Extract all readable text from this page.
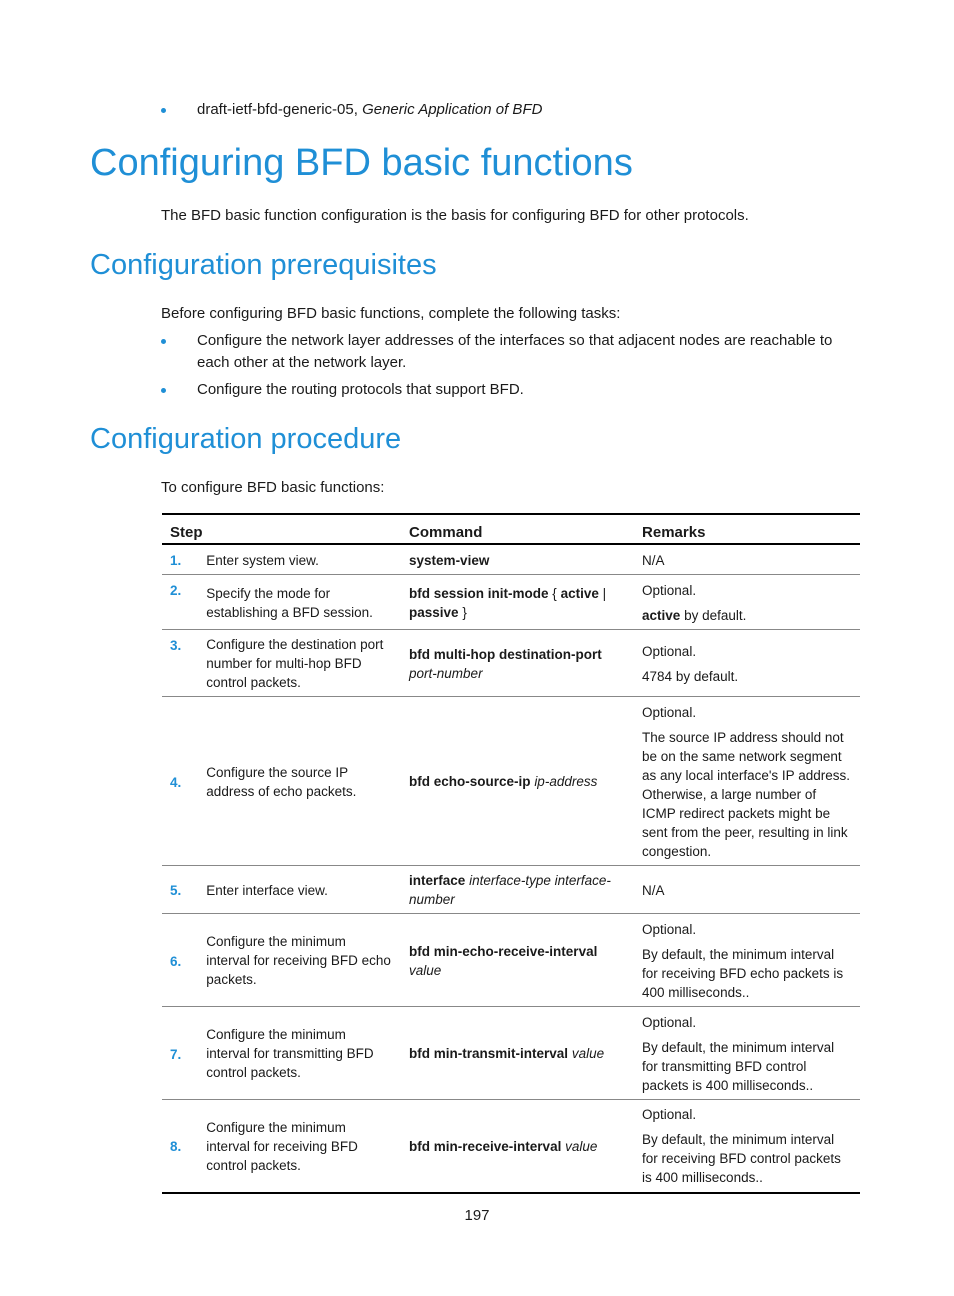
draft-ietf-bfd-generic-05, Generic Application of BFD
Configuring BFD basic functions
The BFD basic function configuration is the basis for configuring BFD for other protocols.
Configuration prerequisites
Before configuring BFD basic functions, complete the following tasks:
Configure the network layer addresses of the interfaces so that adjacent nodes are reachable to each other at the network layer.
Configure the routing protocols that support BFD.
Configuration procedure
To configure BFD basic functions:
Step		Command	Remarks
1.	Enter system view.	system-view	N/A

2.	Specify the mode for establishing a BFD session.	bfd session init-mode { active | passive }	Optional.
active by default.

3.	Configure the destination port number for multi-hop BFD control packets.	bfd multi-hop destination-port port-number	Optional.
4784 by default.

4.	Configure the source IP address of echo packets.	bfd echo-source-ip ip-address	Optional.
The source IP address should not be on the same network segment as any local interface's IP address. Otherwise, a large number of ICMP redirect packets might be sent from the peer, resulting in link congestion.

5.	Enter interface view.	interface interface-type interface-number	N/A

6.	Configure the minimum interval for receiving BFD echo packets.	bfd min-echo-receive-interval value	Optional.
By default, the minimum interval for receiving BFD echo packets is 400 milliseconds..

7.	Configure the minimum interval for transmitting BFD control packets.	bfd min-transmit-interval value	Optional.
By default, the minimum interval for transmitting BFD control packets is 400 milliseconds..

8.	Configure the minimum interval for receiving BFD control packets.	bfd min-receive-interval value	Optional.
By default, the minimum interval for receiving BFD control packets is 400 milliseconds..
197
